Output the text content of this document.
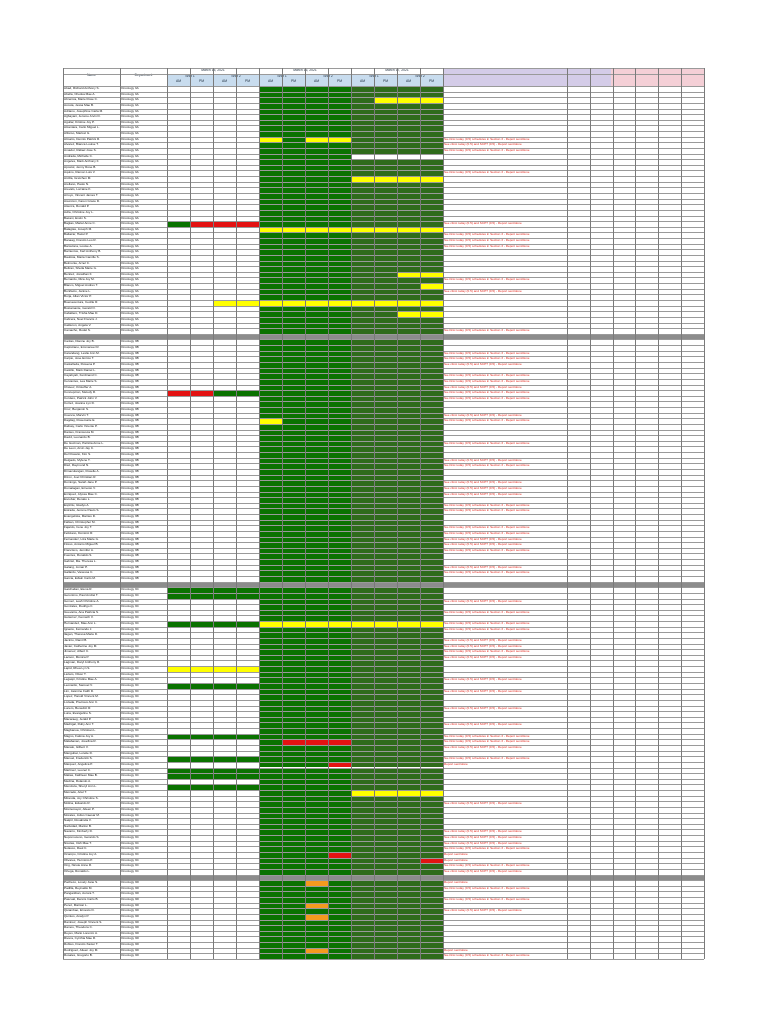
March 15, 2021
Shift 1
AM	PM
Shift 2
AM	PM
March 16, 2021
Shift 1
AM	PM
Shift 2
AM	PM
March 17, 2021
Shift 1
AM	PM
Shift 2
AM	PM
Name	Department
Abad, Richard Anthony S.	Oncology 3A
Abella, Cheska Mae A.	Oncology 3A
Abrenica, Marie Rose C.	Oncology 3A
Acosta, Jessa Mae B.	Oncology 3A
Adriano, Josephine Carla M.	Oncology 3A
Agbayani, Jerome Arvin D.	Oncology 3A
Aguilar, Kristine Joy P.	Oncology 3A
Alcantara, Carlo Miguel L.	Oncology 3A
Alfonso, Maricel G.	Oncology 3A
Almario, Dennis Patrick R.	Oncology 3A	Sa clinic today (0.5) schedules in Section 3 - Report sent/done
Alvarez, Bianca Louise T.	Oncology 3A	See clinic today (0.5) and SCPT (0.5) - Report sent/done
Amador, Rafael Jose S.	Oncology 3A	Sa clinic today (0.5) schedules in Section 3 - Report sent/done
Andrada, Michelle C.	Oncology 3A
Angeles, Mark Anthony F.	Oncology 3A
Apostol, Jenny Rose B.	Oncology 3A
Aquino, Ramon Luis V.	Oncology 3A	Sa clinic today (0.5) schedules in Section 3 - Report sent/done
Arcilla, Gretchen M.	Oncology 3A
Arellano, Paolo N.	Oncology 3A
Arevalo, Lorraine K.	Oncology 3A
Arroyo, Vincent James T.	Oncology 3A
Asuncion, Karen Grace D.	Oncology 3A
Atienza, Ronald P.	Oncology 3A
Avila, Christine Joy L.	Oncology 3A
Bacani, Erwin S.	Oncology 3A
Bagtas, Mariel Anne C.	Oncology 3A	See clinic today (0.5) and SCPT (0.5) - Report sent/done
Balagtas, Joseph M.	Oncology 3A
Baltazar, Hazel P.	Oncology 3A	Sa clinic today (0.5) schedules in Section 3 - Report sent/done
Banaag, Francis Leo R.	Oncology 3A	Sa clinic today (0.5) schedules in Section 3 - Report sent/done
Barcelona, Louise A.	Oncology 3A	Sa clinic today (0.5) schedules in Section 3 - Report sent/done
Barrientos, Karl Anthony B.	Oncology 3A
Bautista, Maria Camille S.	Oncology 3A
Belmonte, Arnel C.	Oncology 3A
Beltran, Sheila Marie G.	Oncology 3A
Benitez, Jonathan F.	Oncology 3A
Bernardo, Rica Joy M.	Oncology 3A	Sa clinic today (0.5) schedules in Section 3 - Report sent/done
Blanco, Miguel Andres T.	Oncology 3A
Bonifacio, Janine L.	Oncology 3A	See clinic today (0.5) and SCPT (0.5) - Report sent/done
Borja, Allan Victor P.	Oncology 3A
Buenaventura, Cecille R.	Oncology 3A
Bustamante, Gerald O.	Oncology 3A
Caballero, Trisha Mae D.	Oncology 3A
Cabrera, Noel Francis J.	Oncology 3A
Calderon, Angela V.	Oncology 3A
Camacho, Rodel S.	Oncology 3A	Sa clinic today (0.5) schedules in Section 3 - Report sent/done
Canlas, Dianne Joy B.	Oncology 3B
Capistrano, Emmanuel R.	Oncology 3B
Carandang, Leslie Ann M.	Oncology 3B	Sa clinic today (0.5) schedules in Section 3 - Report sent/done
Carpio, Jose Enrico T.	Oncology 3B	Sa clinic today (0.5) schedules in Section 3 - Report sent/done
Castañeda, Rowena P.	Oncology 3B	See clinic today (0.5) and SCPT (0.5) - Report sent/done
Castillo, Mark Daniel L.	Oncology 3B
Cayabyab, Ferdinand C.	Oncology 3B	Sa clinic today (0.5) schedules in Section 3 - Report sent/done
Cervantes, Lea Marie S.	Oncology 3B	Sa clinic today (0.5) schedules in Section 3 - Report sent/done
Chavez, Kristoffer A.	Oncology 3B	See clinic today (0.5) and SCPT (0.5) - Report sent/done
Concepcion, Melody R.	Oncology 3B	Sa clinic today (0.5) schedules in Section 3 - Report sent/done
Cordero, Patrick John V.	Oncology 3B	Sa clinic today (0.5) schedules in Section 3 - Report sent/done
Cortez, Joanna Lyn D.	Oncology 3B
Cruz, Benjamin S.	Oncology 3B
Cuenca, Marvin T.	Oncology 3B	See clinic today (0.5) and SCPT (0.5) - Report sent/done
Dagdag, Rosemarie E.	Oncology 3B	Sa clinic today (0.5) schedules in Section 3 - Report sent/done
Dalisay, Carlo Vicente P.	Oncology 3B
Dantes, Francesca M.	Oncology 3B
David, Leonardo B.	Oncology 3B
De Guzman, Patricia Anne L.	Oncology 3B	Sa clinic today (0.5) schedules in Section 3 - Report sent/done
De Leon, Arvin Jay C.	Oncology 3B
Del Rosario, Kim S.	Oncology 3B
Delgado, Mylene T.	Oncology 3B	See clinic today (0.5) and SCPT (0.5) - Report sent/done
Diaz, Raymond N.	Oncology 3B	Sa clinic today (0.5) schedules in Section 3 - Report sent/done
Dimaculangan, Roselle A.	Oncology 3B
Dizon, Joel Christian R.	Oncology 3B
Domingo, Sarah Jane P.	Oncology 3B	See clinic today (0.5) and SCPT (0.5) - Report sent/done
Dumalagan, Ernesto V.	Oncology 3B	See clinic today (0.5) and SCPT (0.5) - Report sent/done
Enriquez, Alyssa Mae C.	Oncology 3B	See clinic today (0.5) and SCPT (0.5) - Report sent/done
Escobar, Renato L.	Oncology 3B
Espiritu, Gladys A.	Oncology 3B	Sa clinic today (0.5) schedules in Section 3 - Report sent/done
Estrada, Jerome Paulo S.	Oncology 3B	Sa clinic today (0.5) schedules in Section 3 - Report sent/done
Evangelista, Marites D.	Oncology 3B
Fabian, Christopher M.	Oncology 3B
Fajardo, Irene Joy T.	Oncology 3B	Sa clinic today (0.5) schedules in Section 3 - Report sent/done
Feliciano, Dominic R.	Oncology 3B	Sa clinic today (0.5) schedules in Section 3 - Report sent/done
Fernandez, Liza Marie G.	Oncology 3B	See clinic today (0.5) and SCPT (0.5) - Report sent/done
Flores, Antonio Miguel B.	Oncology 3B	See clinic today (0.5) and SCPT (0.5) - Report sent/done
Francisco, Jennifer A.	Oncology 3B	Sa clinic today (0.5) schedules in Section 3 - Report sent/done
Fuentes, Ronaldo S.	Oncology 3B
Gabriel, Ma. Theresa L.	Oncology 3B
Galang, Jomar P.	Oncology 3B	See clinic today (0.5) and SCPT (0.5) - Report sent/done
Gallardo, Vanessa C.	Oncology 3B	Sa clinic today (0.5) schedules in Section 3 - Report sent/done
Garcia, Edwin Carlo M.	Oncology 3B
Gatchalian, Elena R.	Oncology 3C
Geronimo, Paul Andrei T.	Oncology 3C
Gomez, Leah Christine A.	Oncology 3C	See clinic today (0.5) and SCPT (0.5) - Report sent/done
Gonzales, Rodrigo F.	Oncology 3C
Guevarra, Ana Patricia S.	Oncology 3C	Sa clinic today (0.5) schedules in Section 3 - Report sent/done
Gutierrez, Kenneth V.	Oncology 3C
Hernandez, Mae Ann L.	Oncology 3C	Sa clinic today (0.5) schedules in Section 3 - Report sent/done
Ignacio, Fernando J.	Oncology 3C	Sa clinic today (0.5) schedules in Section 3 - Report sent/done
Ilagan, Theresa Marie D.	Oncology 3C
Jacinto, Ramil B.	Oncology 3C	See clinic today (0.5) and SCPT (0.5) - Report sent/done
Javier, Catherine Joy M.	Oncology 3C	See clinic today (0.5) and SCPT (0.5) - Report sent/done
Jimenez, Albert C.	Oncology 3C	Sa clinic today (0.5) schedules in Section 3 - Report sent/done
Lacson, Monica P.	Oncology 3C	See clinic today (0.5) and SCPT (0.5) - Report sent/done
Lagman, Daryl Anthony R.	Oncology 3C
Lapid, Rhea Lyn S.	Oncology 3C
Lazaro, Oliver T.	Oncology 3C
Legaspi, Kristine Mae A.	Oncology 3C	See clinic today (0.5) and SCPT (0.5) - Report sent/done
Leonardo, Samuel V.	Oncology 3C
Lim, Jasmine Faith D.	Oncology 3C	See clinic today (0.5) and SCPT (0.5) - Report sent/done
Lopez, Harold Vincent M.	Oncology 3C
Lozada, Precious Ann C.	Oncology 3C
Lucero, Benedict R.	Oncology 3C	See clinic today (0.5) and SCPT (0.5) - Report sent/done
Luna, Evangeline S.	Oncology 3C
Macaraeg, Jerald P.	Oncology 3C
Madrigal, Ruby Ann T.	Oncology 3C	See clinic today (0.5) and SCPT (0.5) - Report sent/done
Magbanua, Christian L.	Oncology 3C
Magno, Fatima Joy A.	Oncology 3C	Sa clinic today (0.5) schedules in Section 3 - Report sent/done
Malabanan, Josefina R.	Oncology 3C	Sa clinic today (0.5) schedules in Section 3 - Report sent/done
Manalo, Gilbert V.	Oncology 3C	See clinic today (0.5) and SCPT (0.5) - Report sent/done
Mangubat, Lorelie D.	Oncology 3C
Manuel, Frederick S.	Oncology 3C	Sa clinic today (0.5) schedules in Section 3 - Report sent/done
Marquez, Angelica P.	Oncology 3C	Report sent/done
Martinez, Leonel C.	Oncology 3C
Matias, Kathleen Mae B.	Oncology 3C
Medina, Rolando A.	Oncology 3C
Mendoza, Sheryl Ann L.	Oncology 3C
Mercado, Ariel T.	Oncology 3C
Miranda, Joy Christine S.	Oncology 3C
Molina, Eduardo R.	Oncology 3C	See clinic today (0.5) and SCPT (0.5) - Report sent/done
Montemayor, Aileen P.	Oncology 3C
Morales, Julius Caesar M.	Oncology 3C
Nakpil, Rosalinda V.	Oncology 3C
Natividad, Marlon B.	Oncology 3C
Navarro, Kimberly D.	Oncology 3C	See clinic today (0.5) and SCPT (0.5) - Report sent/done
Nepomuceno, Gerardo S.	Oncology 3C	See clinic today (0.5) and SCPT (0.5) - Report sent/done
Nicolas, Irish Mae T.	Oncology 3C	See clinic today (0.5) and SCPT (0.5) - Report sent/done
Nolasco, Raul C.	Oncology 3C	Sa clinic today (0.5) schedules in Section 3 - Report sent/done
Ocampo, Cristina Joy A.	Oncology 3C	Report sent/done
Olivares, Herminio P.	Oncology 3C	Report sent/done
Ong, Nicole Anne R.	Oncology 3C	Sa clinic today (0.5) schedules in Section 3 - Report sent/done
Ortega, Ronaldo L.	Oncology 3C	See clinic today (0.5) and SCPT (0.5) - Report sent/done
Pacheco, Lovely Jane S.	Oncology 3D	Report sent/done
Padilla, Reynaldo M.	Oncology 3D	Sa clinic today (0.5) schedules in Section 3 - Report sent/done
Panganiban, Aurora T.	Oncology 3D
Pascual, Dennis Carlo B.	Oncology 3D	Sa clinic today (0.5) schedules in Section 3 - Report sent/done
Perez, Maricar L.	Oncology 3D
Quiambao, Ernesto D.	Oncology 3D	See clinic today (0.5) and SCPT (0.5) - Report sent/done
Quintos, Analyn P.	Oncology 3D
Ramirez, Joseph Vincent S.	Oncology 3D
Ramos, Theodora C.	Oncology 3D
Reyes, Mario Lorenzo A.	Oncology 3D
Rivera, Cynthia Mae R.	Oncology 3D
Robles, Francis Xavier T.	Oncology 3D
Rodriguez, Aileen Joy M.	Oncology 3D	Report sent/done
Rosales, Gregorio B.	Oncology 3D	Sa clinic today (0.5) schedules in Section 3 - Report sent/done
